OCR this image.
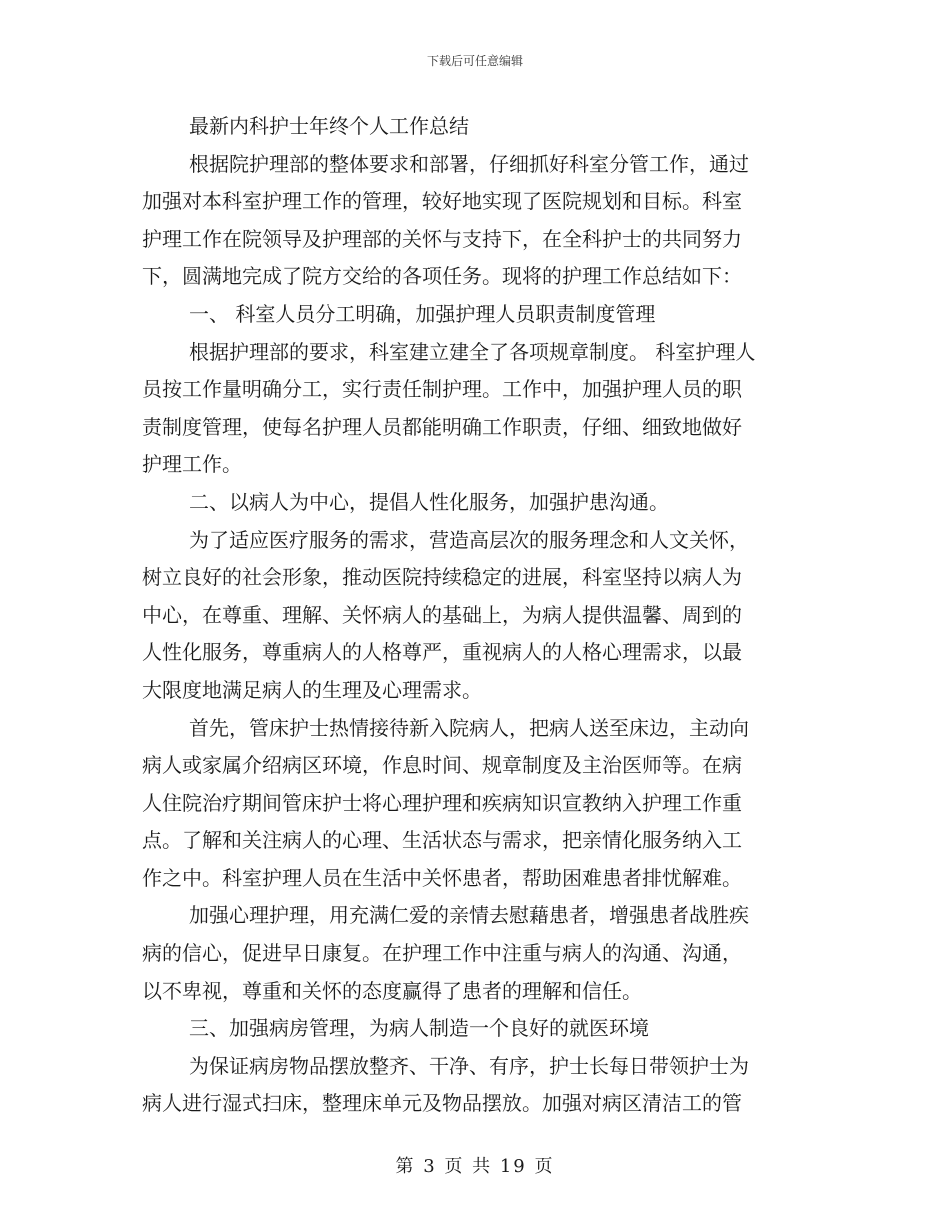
下载后可任意编辑
最新内科护士年终个人工作总结
根据院护理部的整体要求和部署，仔细抓好科室分管工作，通过
加强对本科室护理工作的管理，较好地实现了医院规划和目标。科室
护理工作在院领导及护理部的关怀与支持下，在全科护士的共同努力
下，圆满地完成了院方交给的各项任务。现将的护理工作总结如下：
一、 科室人员分工明确，加强护理人员职责制度管理
根据护理部的要求，科室建立建全了各项规章制度。 科室护理人
员按工作量明确分工，实行责任制护理。工作中，加强护理人员的职
责制度管理，使每名护理人员都能明确工作职责，仔细、细致地做好
护理工作。
二、以病人为中心，提倡人性化服务，加强护患沟通。
为了适应医疗服务的需求，营造高层次的服务理念和人文关怀，
树立良好的社会形象，推动医院持续稳定的进展，科室坚持以病人为
中心，在尊重、理解、关怀病人的基础上，为病人提供温馨、周到的
人性化服务，尊重病人的人格尊严，重视病人的人格心理需求，以最
大限度地满足病人的生理及心理需求。
首先，管床护士热情接待新入院病人，把病人送至床边，主动向
病人或家属介绍病区环境，作息时间、规章制度及主治医师等。在病
人住院治疗期间管床护士将心理护理和疾病知识宣教纳入护理工作重
点。了解和关注病人的心理、生活状态与需求，把亲情化服务纳入工
作之中。科室护理人员在生活中关怀患者，帮助困难患者排忧解难。
加强心理护理，用充满仁爱的亲情去慰藉患者，增强患者战胜疾
病的信心，促进早日康复。在护理工作中注重与病人的沟通、沟通，
以不卑视，尊重和关怀的态度赢得了患者的理解和信任。
三、加强病房管理，为病人制造一个良好的就医环境
为保证病房物品摆放整齐、干净、有序，护士长每日带领护士为
病人进行湿式扫床，整理床单元及物品摆放。加强对病区清洁工的管
第 3 页 共 19 页
